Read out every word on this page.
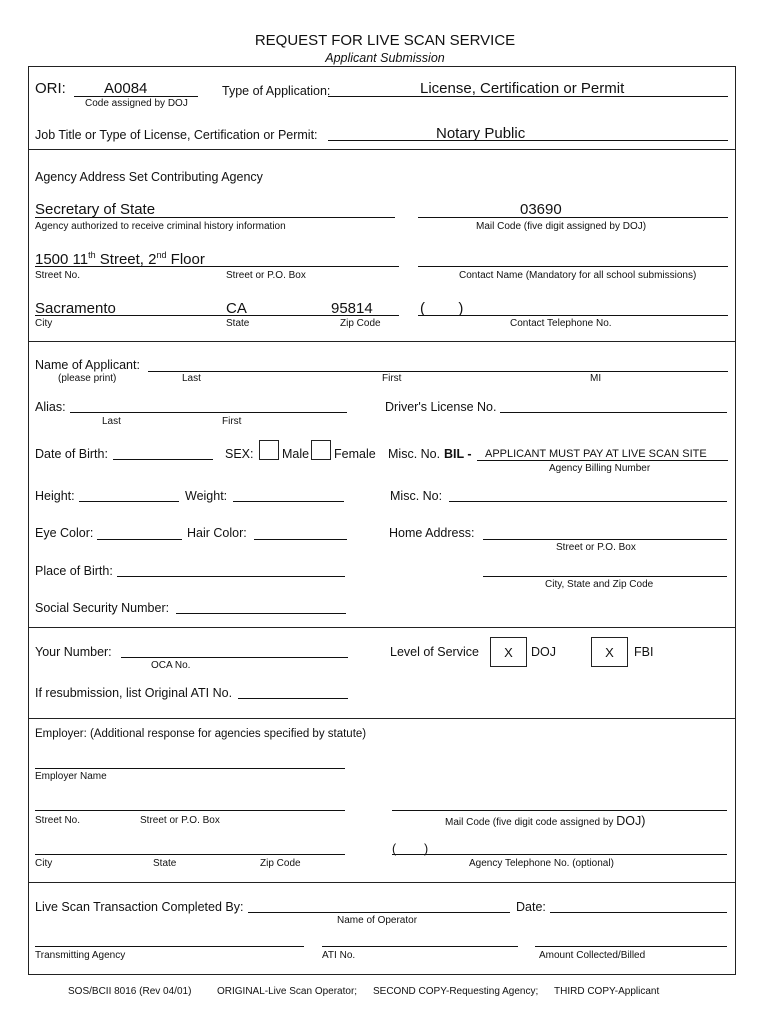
REQUEST FOR LIVE SCAN SERVICE
Applicant Submission
ORI:	A0084
Code assigned by DOJ
Type of Application:	License, Certification or Permit
Job Title or Type of License, Certification or Permit:	Notary Public
Agency Address Set Contributing Agency
Secretary of State
Agency authorized to receive criminal history information
03690
Mail Code (five digit assigned by DOJ)
1500 11th Street, 2nd Floor
Street No.	Street or P.O. Box	Contact Name (Mandatory for all school submissions)
Sacramento	CA	95814
City	State	Zip Code
(        )
Contact Telephone No.
Name of Applicant:
(please print)	Last	First	MI
Alias:
Last	First
Driver's License No.
Date of Birth:	SEX: Male Female Misc. No. BIL - APPLICANT MUST PAY AT LIVE SCAN SITE
Agency Billing Number
Height:	Weight:	Misc. No:
Eye Color:	Hair Color:	Home Address:
Street or P.O. Box
Place of Birth:
City, State and Zip Code
Social Security Number:
Your Number:
OCA No.
Level of Service	X	DOJ	X	FBI
If resubmission, list Original ATI No.
Employer: (Additional response for agencies specified by statute)
Employer Name
Street No.	Street or P.O. Box	Mail Code (five digit code assigned by DOJ)
City	State	Zip Code
(        )
Agency Telephone No. (optional)
Live Scan Transaction Completed By:
Name of Operator
Date:
Transmitting Agency	ATI No.	Amount Collected/Billed
SOS/BCII 8016 (Rev 04/01)	ORIGINAL-Live Scan Operator; SECOND COPY-Requesting Agency; THIRD COPY-Applicant
